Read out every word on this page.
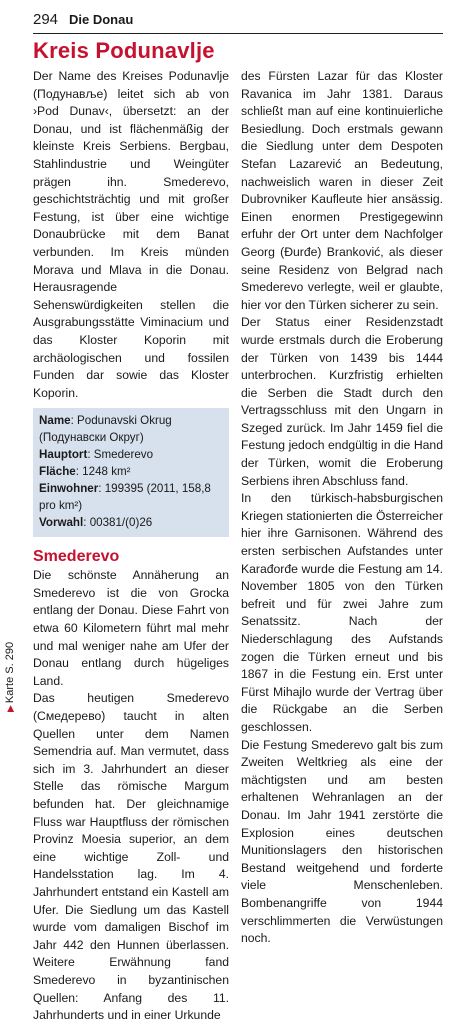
294 Die Donau
Kreis Podunavlje

Der Name des Kreises Podunavlje (Подунавље) leitet sich ab von ›Pod Dunav‹, übersetzt: an der Donau, und ist flächenmäßig der kleinste Kreis Serbiens. Bergbau, Stahlindustrie und Weingüter prägen ihn. Smederevo, geschichtsträchtig und mit großer Festung, ist über eine wichtige Donaubrücke mit dem Banat verbunden. Im Kreis münden Morava und Mlava in die Donau. Herausragende Sehenswürdigkeiten stellen die Ausgrabungsstätte Viminacium und das Kloster Koporin mit archäologischen und fossilen Funden dar sowie das Kloster Koporin.

Name: Podunavski Okrug (Подунавски Округ)
Hauptort: Smederevo
Fläche: 1248 km²
Einwohner: 199395 (2011, 158,8 pro km²)
Vorwahl: 00381/(0)26
Smederevo

Die schönste Annäherung an Smederevo ist die von Grocka entlang der Donau. Diese Fahrt von etwa 60 Kilometern führt mal mehr und mal weniger nahe am Ufer der Donau entlang durch hügeliges Land.

Das heutigen Smederevo (Смедерево) taucht in alten Quellen unter dem Namen Semendria auf. Man vermutet, dass sich im 3. Jahrhundert an dieser Stelle das römische Margum befunden hat. Der gleichnamige Fluss war Hauptfluss der römischen Provinz Moesia superior, an dem eine wichtige Zoll- und Handelsstation lag. Im 4. Jahrhundert entstand ein Kastell am Ufer. Die Siedlung um das Kastell wurde vom damaligen Bischof im Jahr 442 den Hunnen überlassen. Weitere Erwähnung fand Smederevo in byzantinischen Quellen: Anfang des 11. Jahrhunderts und in einer Urkunde

des Fürsten Lazar für das Kloster Ravanica im Jahr 1381. Daraus schließt man auf eine kontinuierliche Besiedlung. Doch erstmals gewann die Siedlung unter dem Despoten Stefan Lazarević an Bedeutung, nachweislich waren in dieser Zeit Dubrovniker Kaufleute hier ansässig. Einen enormen Prestigegewinn erfuhr der Ort unter dem Nachfolger Georg (Đurđe) Branković, als dieser seine Residenz von Belgrad nach Smederevo verlegte, weil er glaubte, hier vor den Türken sicherer zu sein.

Der Status einer Residenzstadt wurde erstmals durch die Eroberung der Türken von 1439 bis 1444 unterbrochen. Kurzfristig erhielten die Serben die Stadt durch den Vertragsschluss mit den Ungarn in Szeged zurück. Im Jahr 1459 fiel die Festung jedoch endgültig in die Hand der Türken, womit die Eroberung Serbiens ihren Abschluss fand.

In den türkisch-habsburgischen Kriegen stationierten die Österreicher hier ihre Garnisonen. Während des ersten serbischen Aufstandes unter Karađorđe wurde die Festung am 14. November 1805 von den Türken befreit und für zwei Jahre zum Senatssitz. Nach der Niederschlagung des Aufstands zogen die Türken erneut und bis 1867 in die Festung ein. Erst unter Fürst Mihajlo wurde der Vertrag über die Rückgabe an die Serben geschlossen.

Die Festung Smederevo galt bis zum Zweiten Weltkrieg als eine der mächtigsten und am besten erhaltenen Wehranlagen an der Donau. Im Jahr 1941 zerstörte die Explosion eines deutschen Munitionslagers den historischen Bestand weitgehend und forderte viele Menschenleben. Bombenangriffe von 1944 verschlimmerten die Verwüstungen noch.

▶Karte S. 290
